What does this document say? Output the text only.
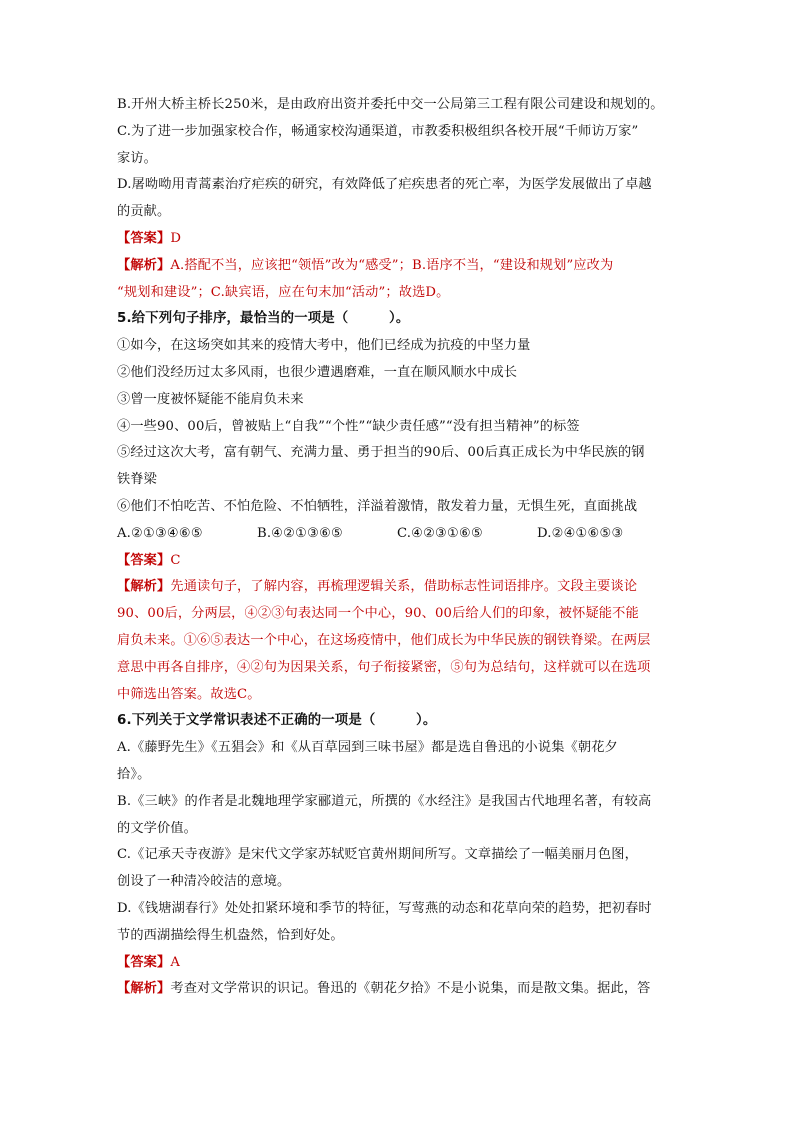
B.开州大桥主桥长250米，是由政府出资并委托中交一公局第三工程有限公司建设和规划的。
C.为了进一步加强家校合作，畅通家校沟通渠道，市教委积极组织各校开展“千师访万家”
家访。
D.屠呦呦用青蒿素治疗疟疾的研究，有效降低了疟疾患者的死亡率，为医学发展做出了卓越
的贡献。
【答案】D
【解析】A.搭配不当，应该把“领悟”改为“感受”；B.语序不当，“建设和规划”应改为
“规划和建设”；C.缺宾语，应在句末加“活动”；故选D。
5.给下列句子排序，最恰当的一项是（　　　）。
①如今，在这场突如其来的疫情大考中，他们已经成为抗疫的中坚力量
②他们没经历过太多风雨，也很少遭遇磨难，一直在顺风顺水中成长
③曾一度被怀疑能不能肩负未来
④一些90、00后，曾被贴上“自我”“个性”“缺少责任感”“没有担当精神”的标签
⑤经过这次大考，富有朝气、充满力量、勇于担当的90后、00后真正成长为中华民族的钢
铁脊梁
⑥他们不怕吃苦、不怕危险、不怕牺牲，洋溢着激情，散发着力量，无惧生死，直面挑战
A.②①③④⑥⑤	B.④②①③⑥⑤	C.④②③①⑥⑤	D.②④①⑥⑤③
【答案】C
【解析】先通读句子，了解内容，再梳理逻辑关系，借助标志性词语排序。文段主要谈论
90、00后，分两层，④②③句表达同一个中心，90、00后给人们的印象，被怀疑能不能
肩负未来。①⑥⑤表达一个中心，在这场疫情中，他们成长为中华民族的钢铁脊梁。在两层
意思中再各自排序，④②句为因果关系，句子衔接紧密，⑤句为总结句，这样就可以在选项
中筛选出答案。故选C。
6.下列关于文学常识表述不正确的一项是（　　　）。
A.《藤野先生》《五猖会》和《从百草园到三味书屋》都是选自鲁迅的小说集《朝花夕
拾》。
B.《三峡》的作者是北魏地理学家郦道元，所撰的《水经注》是我国古代地理名著，有较高
的文学价值。
C.《记承天寺夜游》是宋代文学家苏轼贬官黄州期间所写。文章描绘了一幅美丽月色图，
创设了一种清冷皎洁的意境。
D.《钱塘湖春行》处处扣紧环境和季节的特征，写莺燕的动态和花草向荣的趋势，把初春时
节的西湖描绘得生机盎然，恰到好处。
【答案】A
【解析】考查对文学常识的识记。鲁迅的《朝花夕拾》不是小说集，而是散文集。据此，答
